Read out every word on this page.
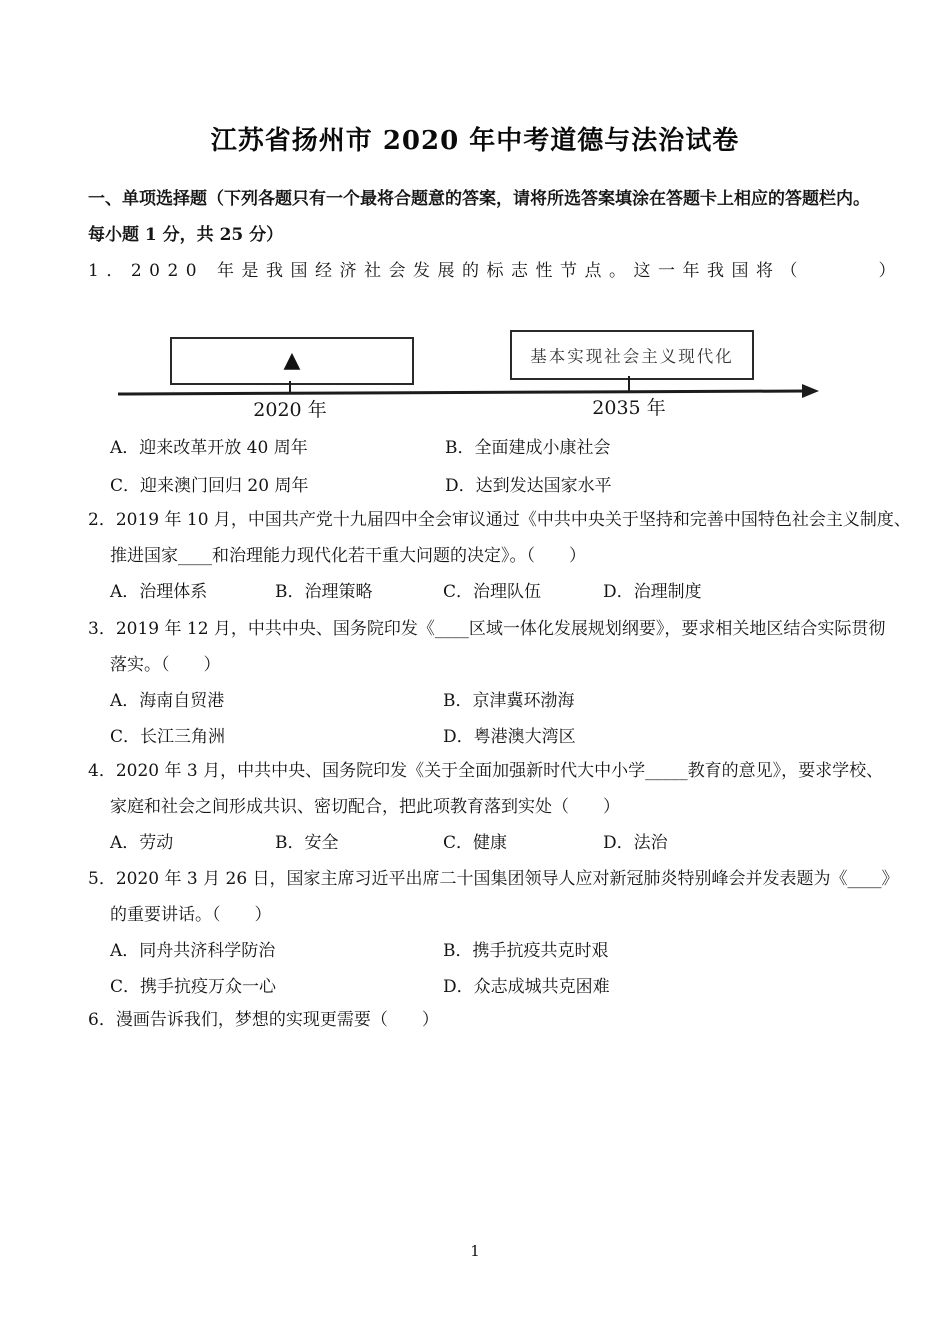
江苏省扬州市 2020 年中考道德与法治试卷
一、单项选择题（下列各题只有一个最将合题意的答案，请将所选答案填涂在答题卡上相应的答题栏内。
每小题 1 分，共 25 分）
1．2020 年是我国经济社会发展的标志性节点。这一年我国将（　　　）
▲	基本实现社会主义现代化
2020 年	2035 年
A．迎来改革开放 40 周年	B．全面建成小康社会
C．迎来澳门回归 20 周年	D．达到发达国家水平
2．2019 年 10 月，中国共产党十九届四中全会审议通过《中共中央关于坚持和完善中国特色社会主义制度、
推进国家____和治理能力现代化若干重大问题的决定》。（　　）
A．治理体系	B．治理策略	C．治理队伍	D．治理制度
3．2019 年 12 月，中共中央、国务院印发《____区域一体化发展规划纲要》，要求相关地区结合实际贯彻
落实。（　　）
A．海南自贸港	B．京津冀环渤海
C．长江三角洲	D．粤港澳大湾区
4．2020 年 3 月，中共中央、国务院印发《关于全面加强新时代大中小学_____教育的意见》，要求学校、
家庭和社会之间形成共识、密切配合，把此项教育落到实处（　　）
A．劳动	B．安全	C．健康	D．法治
5．2020 年 3 月 26 日，国家主席习近平出席二十国集团领导人应对新冠肺炎特别峰会并发表题为《____》
的重要讲话。（　　）
A．同舟共济科学防治	B．携手抗疫共克时艰
C．携手抗疫万众一心	D．众志成城共克困难
6．漫画告诉我们，梦想的实现更需要（　　）
1
